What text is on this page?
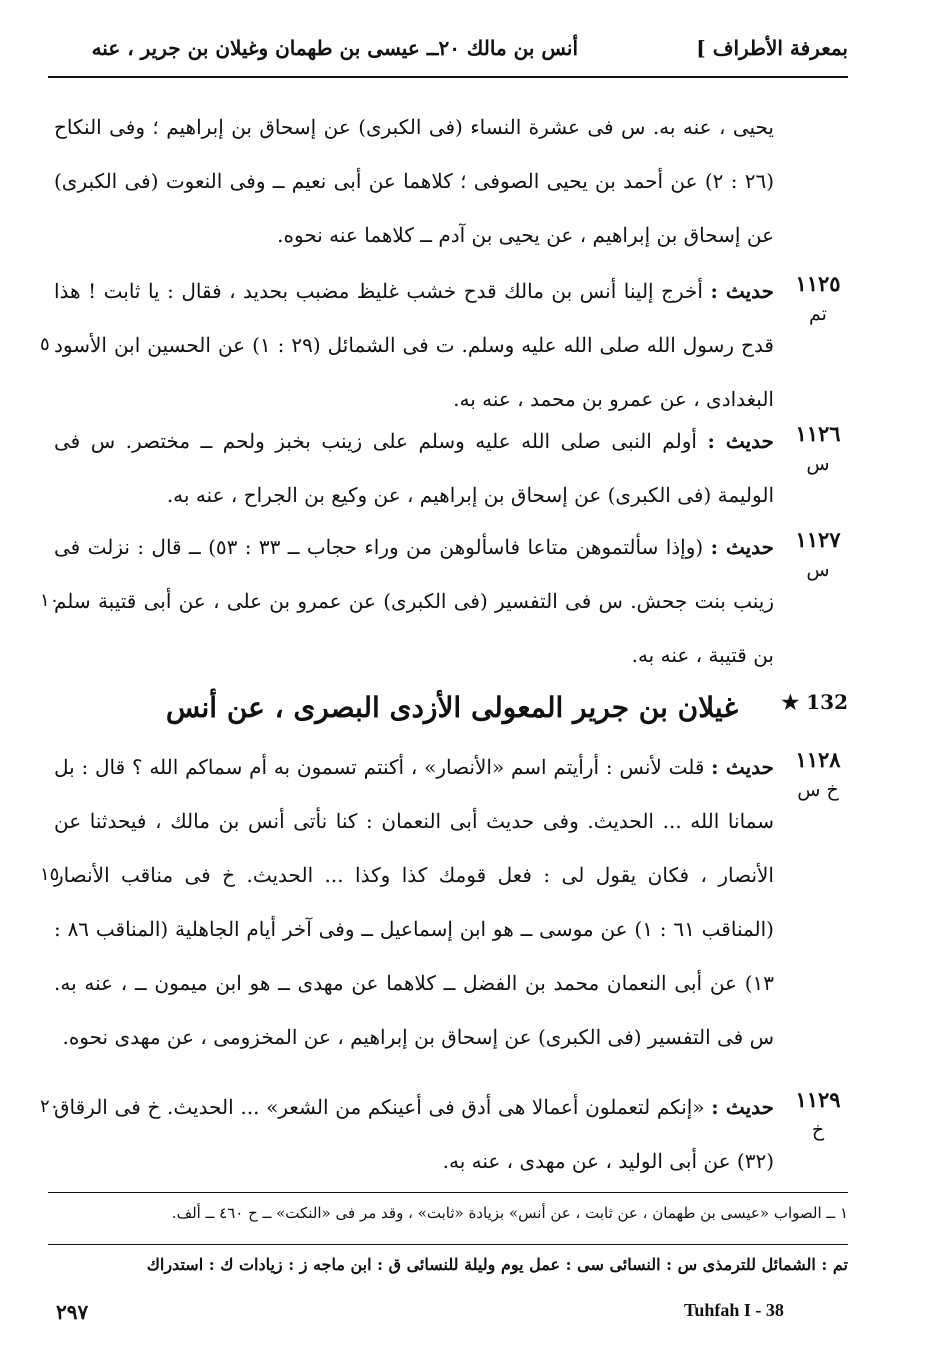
بمعرفة الأطراف ]
أنس بن مالك ٢٠ــ عيسى بن طهمان وغيلان بن جرير ، عنه

يحيى ، عنه به. س فى عشرة النساء (فى الكبرى) عن إسحاق بن إبراهيم ؛ وفى النكاح (٢٦ : ٢) عن أحمد بن يحيى الصوفى ؛ كلاهما عن أبى نعيم ــ وفى النعوت (فى الكبرى) عن إسحاق بن إبراهيم ، عن يحيى بن آدم ــ كلاهما عنه نحوه.

١١٢٥
تم

حديث : أخرج إلينا أنس بن مالك قدح خشب غليظ مضبب بحديد ، فقال : يا ثابت ! هذا قدح رسول الله صلى الله عليه وسلم. ت فى الشمائل (٢٩ : ١) عن الحسين ابن الأسود البغدادى ، عن عمرو بن محمد ، عنه به.

٥
١١٢٦
س

حديث : أولم النبى صلى الله عليه وسلم على زينب بخبز ولحم ــ مختصر. س فى الوليمة (فى الكبرى) عن إسحاق بن إبراهيم ، عن وكيع بن الجراح ، عنه به.

١١٢٧
س

حديث : (وإذا سألتموهن متاعا فاسألوهن من وراء حجاب ــ ٣٣ : ٥٣) ــ قال : نزلت فى زينب بنت جحش. س فى التفسير (فى الكبرى) عن عمرو بن على ، عن أبى قتيبة سلم بن قتيبة ، عنه به.

١٠
132 ★
غيلان بن جرير المعولى الأزدى البصرى ، عن أنس
١١٢٨
خ س

حديث : قلت لأنس : أرأيتم اسم «الأنصار» ، أكنتم تسمون به أم سماكم الله ؟ قال : بل سمانا الله ... الحديث. وفى حديث أبى النعمان : كنا نأتى أنس بن مالك ، فيحدثنا عن الأنصار ، فكان يقول لى : فعل قومك كذا وكذا ... الحديث. خ فى مناقب الأنصار (المناقب ٦١ : ١) عن موسى ــ هو ابن إسماعيل ــ وفى آخر أيام الجاهلية (المناقب ٨٦ : ١٣) عن أبى النعمان محمد بن الفضل ــ كلاهما عن مهدى ــ هو ابن ميمون ــ ، عنه به. س فى التفسير (فى الكبرى) عن إسحاق بن إبراهيم ، عن المخزومى ، عن مهدى نحوه.

١٥
١١٢٩
خ

حديث : «إنكم لتعملون أعمالا هى أدق فى أعينكم من الشعر» ... الحديث. خ فى الرقاق (٣٢) عن أبى الوليد ، عن مهدى ، عنه به.

٢٠
١ ــ الصواب «عيسى بن طهمان ، عن ثابت ، عن أنس» بزيادة «ثابت» ، وقد مر فى «النكت» ــ ح ٤٦٠ ــ ألف.
تم : الشمائل للترمذى س : النسائى سى : عمل يوم وليلة للنسائى ق : ابن ماجه ز : زيادات ك : استدراك
٢٩٧	Tuhfah I - 38
